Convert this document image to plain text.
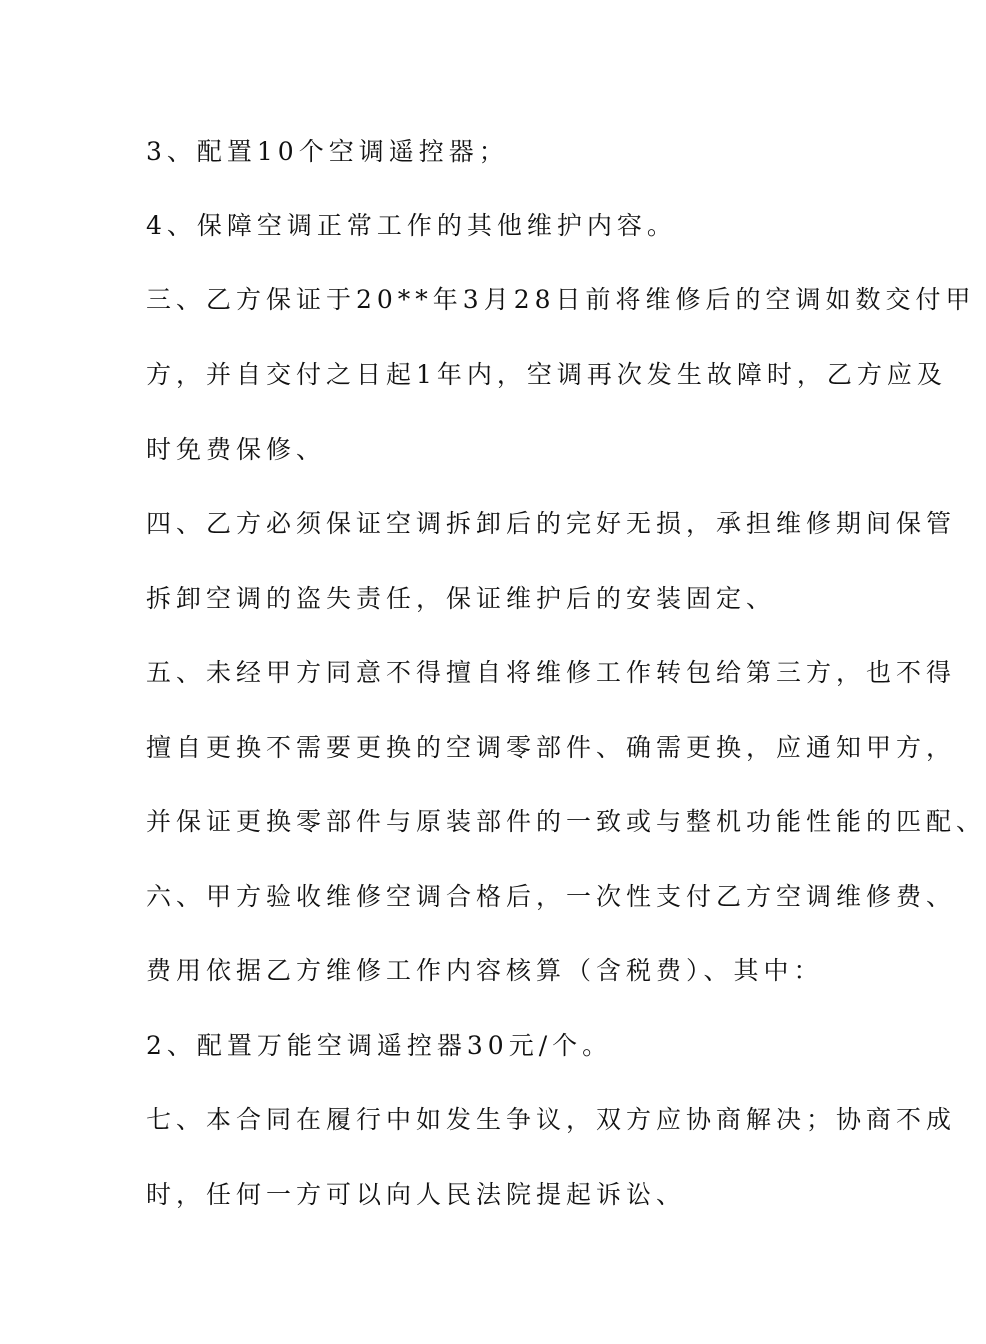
3、配置10个空调遥控器；
4、保障空调正常工作的其他维护内容。
三、乙方保证于20**年3月28日前将维修后的空调如数交付甲
方，并自交付之日起1年内，空调再次发生故障时，乙方应及
时免费保修、
四、乙方必须保证空调拆卸后的完好无损，承担维修期间保管
拆卸空调的盗失责任，保证维护后的安装固定、
五、未经甲方同意不得擅自将维修工作转包给第三方，也不得
擅自更换不需要更换的空调零部件、确需更换，应通知甲方，
并保证更换零部件与原装部件的一致或与整机功能性能的匹配、
六、甲方验收维修空调合格后，一次性支付乙方空调维修费、
费用依据乙方维修工作内容核算（含税费）、其中：
2、配置万能空调遥控器30元/个。
七、本合同在履行中如发生争议，双方应协商解决；协商不成
时，任何一方可以向人民法院提起诉讼、
